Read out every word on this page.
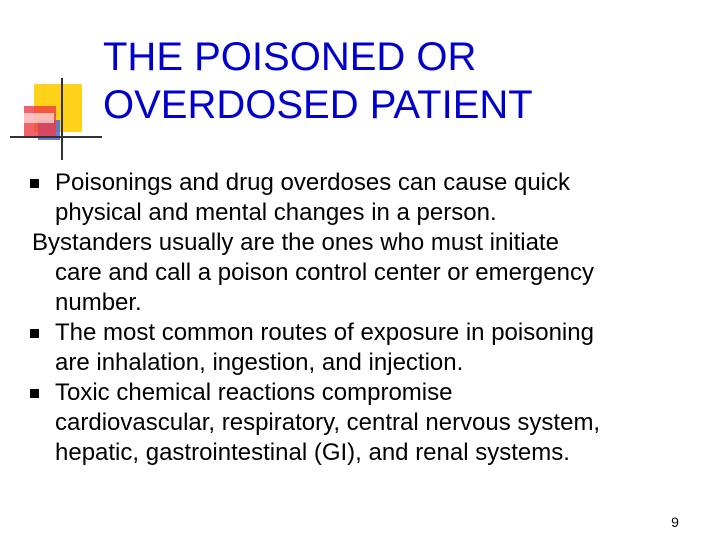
THE POISONED OR
OVERDOSED PATIENT

Poisonings and drug overdoses can cause quick
physical and mental changes in a person.

Bystanders usually are the ones who must initiate
care and call a poison control center or emergency
number.

The most common routes of exposure in poisoning
are inhalation, ingestion, and injection.

Toxic chemical reactions compromise
cardiovascular, respiratory, central nervous system,
hepatic, gastrointestinal (GI), and renal systems.

9
